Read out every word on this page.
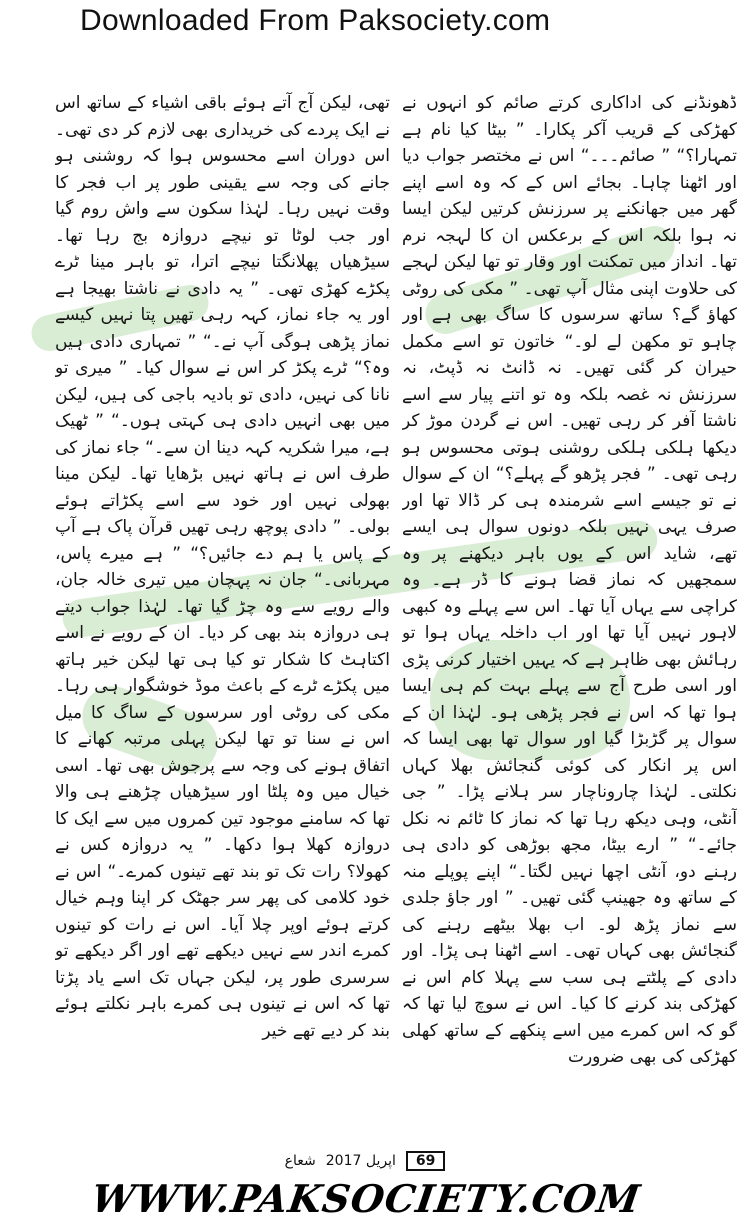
Downloaded From Paksociety.com

ڈھونڈنے کی اداکاری کرتے صائم کو انہوں نے کھڑکی کے قریب آکر پکارا۔ ” بیٹا کیا نام ہے تمہارا؟“ ” صائم۔۔۔“ اس نے مختصر جواب دیا اور اٹھنا چاہا۔ بجائے اس کے کہ وہ اسے اپنے گھر میں جھانکنے پر سرزنش کرتیں لیکن ایسا نہ ہوا بلکہ اس کے برعکس ان کا لہجہ نرم تھا۔ انداز میں تمکنت اور وقار تو تھا لیکن لہجے کی حلاوت اپنی مثال آپ تھی۔ ” مکی کی روٹی کھاؤ گے؟ ساتھ سرسوں کا ساگ بھی ہے اور چاہو تو مکھن لے لو۔“ خاتون تو اسے مکمل حیران کر گئی تھیں۔ نہ ڈانٹ نہ ڈپٹ، نہ سرزنش نہ غصہ بلکہ وہ تو اتنے پیار سے اسے ناشتا آفر کر رہی تھیں۔ اس نے گردن موڑ کر دیکھا ہلکی ہلکی روشنی ہوتی محسوس ہو رہی تھی۔ ” فجر پڑھو گے پہلے؟“ ان کے سوال نے تو جیسے اسے شرمندہ ہی کر ڈالا تھا اور صرف یہی نہیں بلکہ دونوں سوال ہی ایسے تھے، شاید اس کے یوں باہر دیکھنے پر وہ سمجھیں کہ نماز قضا ہونے کا ڈر ہے۔ وہ کراچی سے یہاں آیا تھا۔ اس سے پہلے وہ کبھی لاہور نہیں آیا تھا اور اب داخلہ یہاں ہوا تو رہائش بھی ظاہر ہے کہ یہیں اختیار کرنی پڑی اور اسی طرح آج سے پہلے بہت کم ہی ایسا ہوا تھا کہ اس نے فجر پڑھی ہو۔ لہٰذا ان کے سوال پر گڑبڑا گیا اور سوال تھا بھی ایسا کہ اس پر انکار کی کوئی گنجائش بھلا کہاں نکلتی۔ لہٰذا چاروناچار سر ہلانے پڑا۔ ” جی آنٹی، وہی دیکھ رہا تھا کہ نماز کا ٹائم نہ نکل جائے۔“ ” ارے بیٹا، مجھ بوڑھی کو دادی ہی رہنے دو، آنٹی اچھا نہیں لگتا۔“ اپنے پوپلے منہ کے ساتھ وہ جھینپ گئی تھیں۔ ” اور جاؤ جلدی سے نماز پڑھ لو۔ اب بھلا بیٹھے رہنے کی گنجائش بھی کہاں تھی۔ اسے اٹھنا ہی پڑا۔ اور دادی کے پلٹتے ہی سب سے پہلا کام اس نے کھڑکی بند کرنے کا کیا۔ اس نے سوچ لیا تھا کہ گو کہ اس کمرے میں اسے پنکھے کے ساتھ کھلی کھڑکی کی بھی ضرورت

تھی، لیکن آج آتے ہوئے باقی اشیاء کے ساتھ اس نے ایک پردے کی خریداری بھی لازم کر دی تھی۔ اس دوران اسے محسوس ہوا کہ روشنی ہو جانے کی وجہ سے یقینی طور پر اب فجر کا وقت نہیں رہا۔ لہٰذا سکون سے واش روم گیا اور جب لوٹا تو نیچے دروازہ بج رہا تھا۔ سیڑھیاں پھلانگتا نیچے اترا، تو باہر مینا ٹرے پکڑے کھڑی تھی۔ ” یہ دادی نے ناشتا بھیجا ہے اور یہ جاء نماز، کہہ رہی تھیں پتا نہیں کیسے نماز پڑھی ہوگی آپ نے۔“ ” تمہاری دادی ہیں وہ؟“ ٹرے پکڑ کر اس نے سوال کیا۔ ” میری تو نانا کی نہیں، دادی تو بادیہ باجی کی ہیں، لیکن میں بھی انہیں دادی ہی کہتی ہوں۔“ ” ٹھیک ہے، میرا شکریہ کہہ دینا ان سے۔“ جاء نماز کی طرف اس نے ہاتھ نہیں بڑھایا تھا۔ لیکن مینا بھولی نہیں اور خود سے اسے پکڑاتے ہوئے بولی۔ ” دادی پوچھ رہی تھیں قرآن پاک ہے آپ کے پاس یا ہم دے جائیں؟“ ” ہے میرے پاس، مہربانی۔“ جان نہ پہچان میں تیری خالہ جان، والے رویے سے وہ چڑ گیا تھا۔ لہٰذا جواب دیتے ہی دروازہ بند بھی کر دیا۔ ان کے رویے نے اسے اکتاہٹ کا شکار تو کیا ہی تھا لیکن خیر ہاتھ میں پکڑے ٹرے کے باعث موڈ خوشگوار ہی رہا۔ مکی کی روٹی اور سرسوں کے ساگ کا میل اس نے سنا تو تھا لیکن پہلی مرتبہ کھانے کا اتفاق ہونے کی وجہ سے پرجوش بھی تھا۔ اسی خیال میں وہ پلٹا اور سیڑھیاں چڑھنے ہی والا تھا کہ سامنے موجود تین کمروں میں سے ایک کا دروازہ کھلا ہوا دکھا۔ ” یہ دروازہ کس نے کھولا؟ رات تک تو بند تھے تینوں کمرے۔“ اس نے خود کلامی کی پھر سر جھٹک کر اپنا وہم خیال کرتے ہوئے اوپر چلا آیا۔ اس نے رات کو تینوں کمرے اندر سے نہیں دیکھے تھے اور اگر دیکھے تو سرسری طور پر، لیکن جہاں تک اسے یاد پڑتا تھا کہ اس نے تینوں ہی کمرے باہر نکلتے ہوئے بند کر دیے تھے خیر

شعاع اپریل 2017	69
WWW.PAKSOCIETY.COM
